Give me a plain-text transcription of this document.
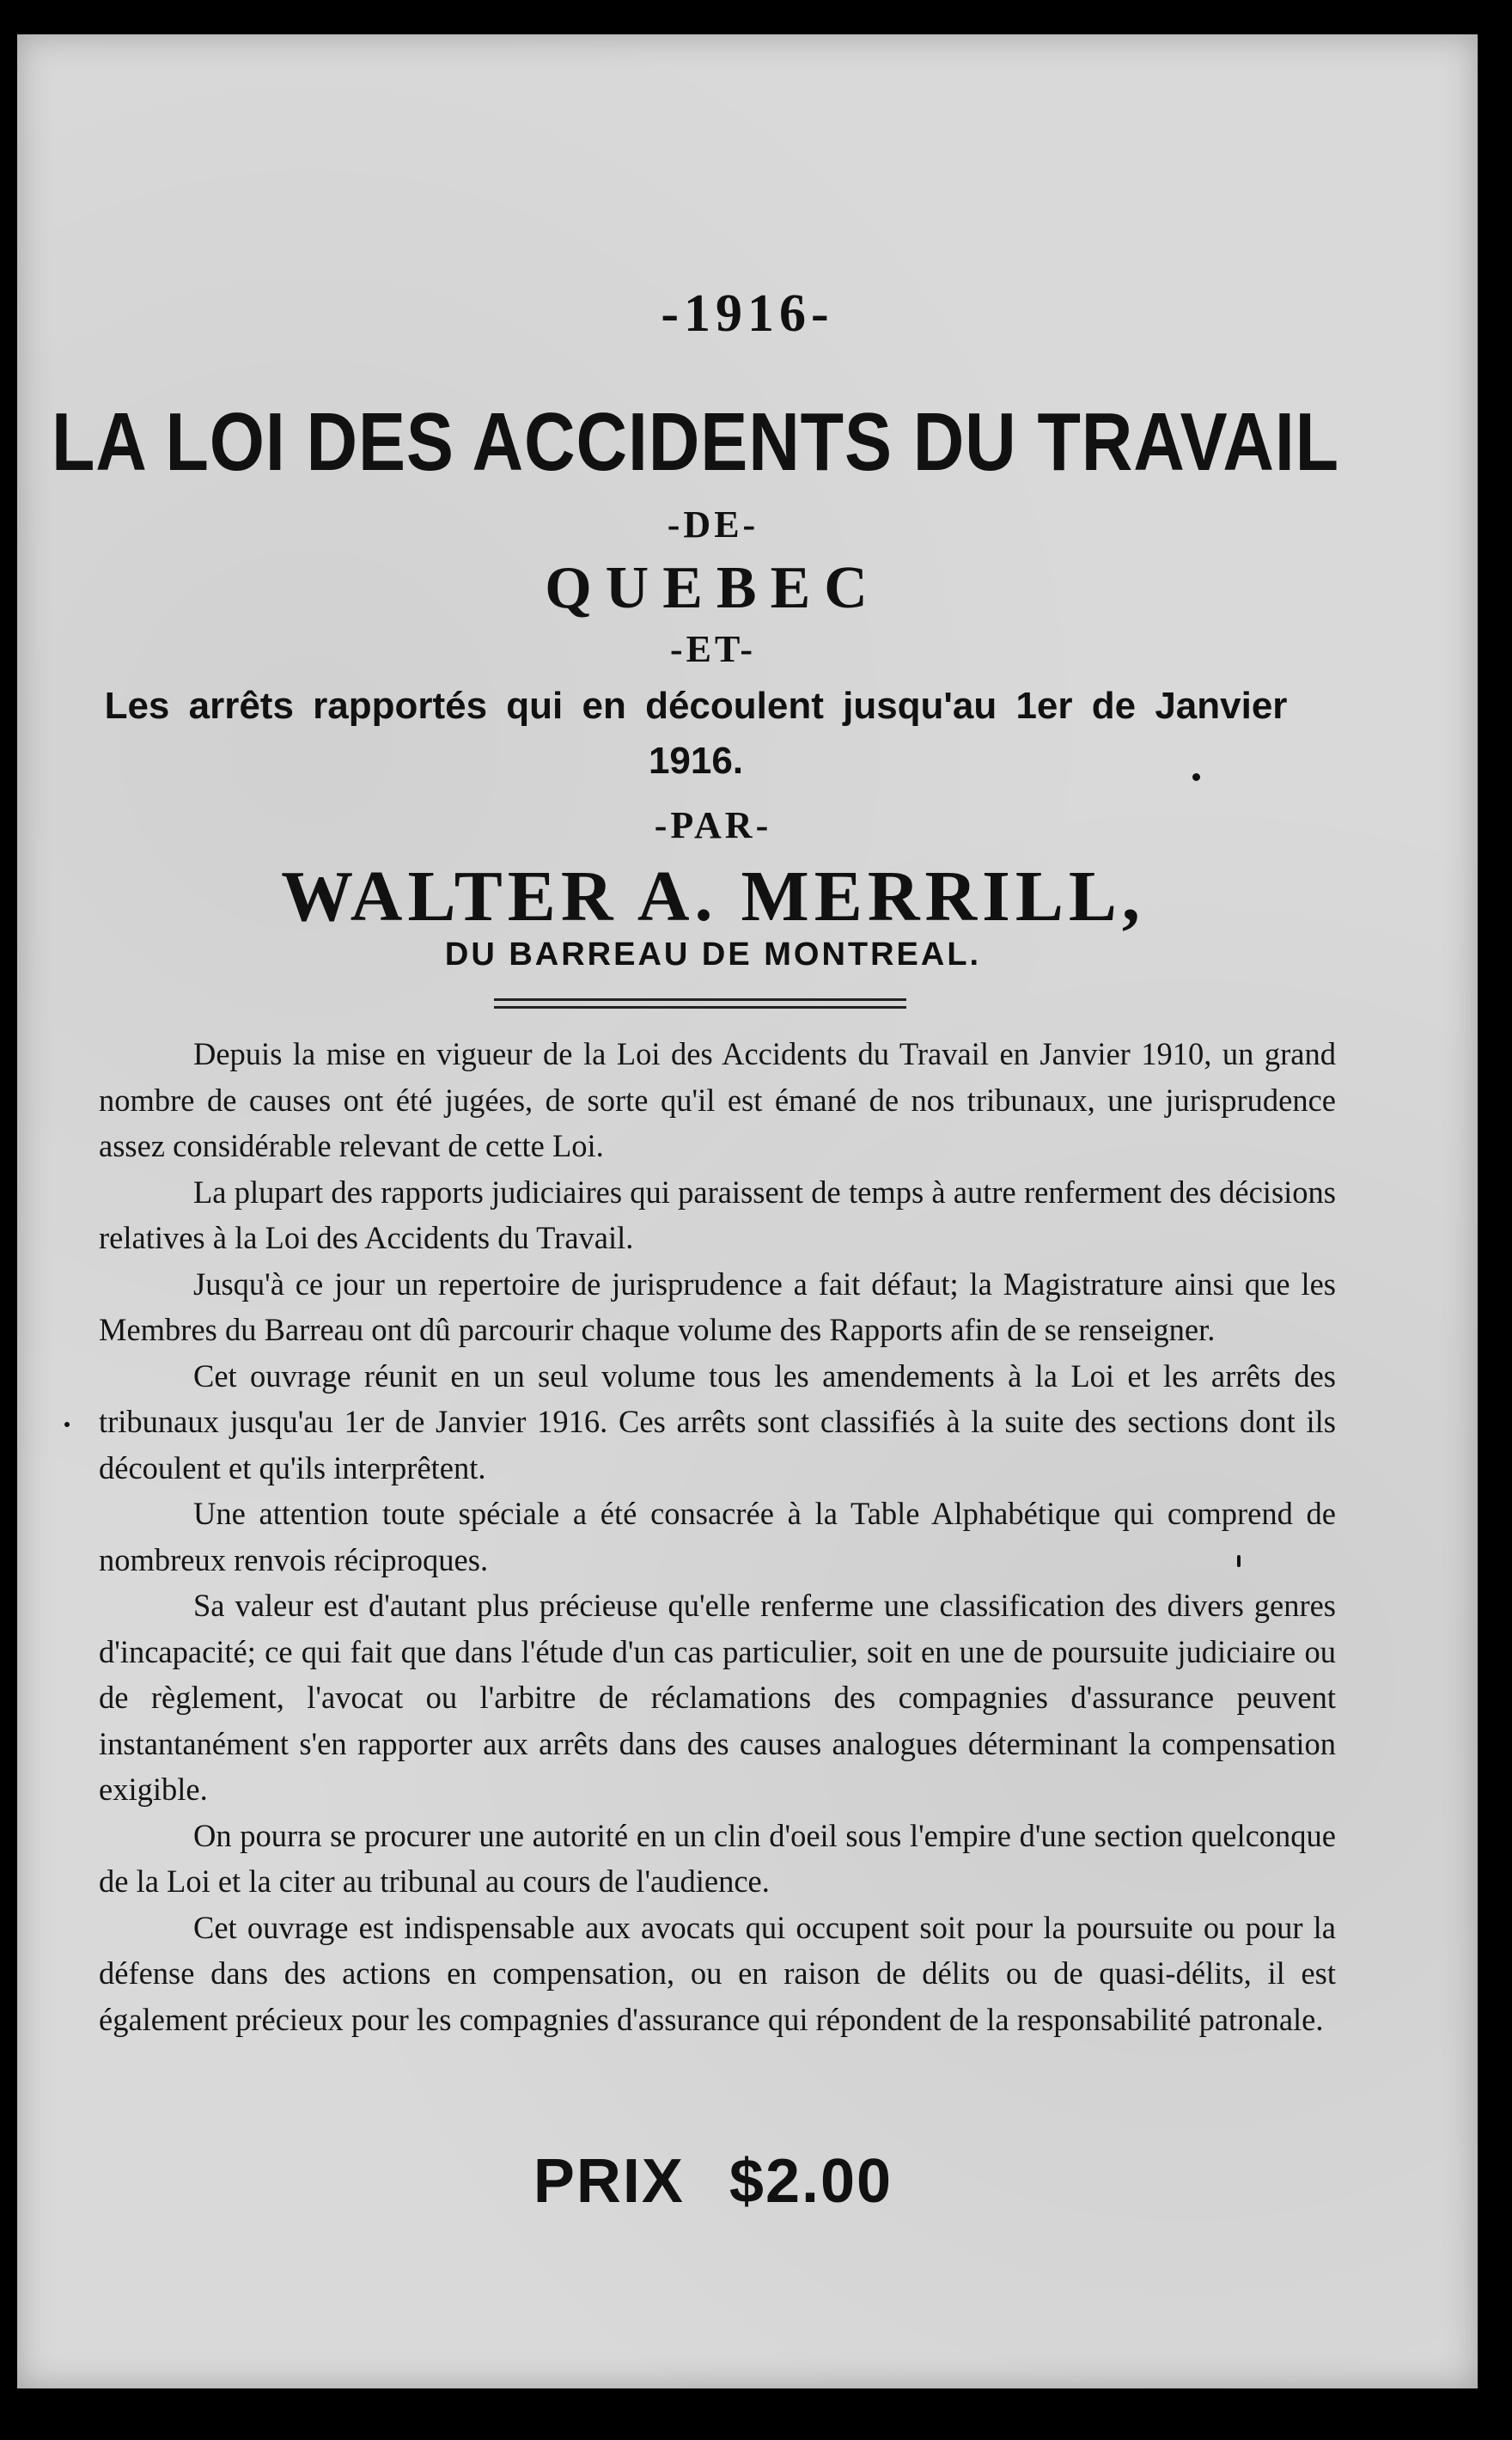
-1916-
LA LOI DES ACCIDENTS DU TRAVAIL
-DE-
QUEBEC
-ET-
Les arrêts rapportés qui en découlent jusqu'au 1er de Janvier 1916.
-PAR-
WALTER A. MERRILL,
DU BARREAU DE MONTREAL.

Depuis la mise en vigueur de la Loi des Accidents du Travail en Janvier 1910, un grand nombre de causes ont été jugées, de sorte qu'il est émané de nos tribunaux, une jurisprudence assez considérable relevant de cette Loi.

La plupart des rapports judiciaires qui paraissent de temps à autre renferment des décisions relatives à la Loi des Accidents du Travail.

Jusqu'à ce jour un repertoire de jurisprudence a fait défaut; la Magistrature ainsi que les Membres du Barreau ont dû parcourir chaque volume des Rapports afin de se renseigner.

Cet ouvrage réunit en un seul volume tous les amendements à la Loi et les arrêts des tribunaux jusqu'au 1er de Janvier 1916. Ces arrêts sont classifiés à la suite des sections dont ils découlent et qu'ils interprêtent.

Une attention toute spéciale a été consacrée à la Table Alphabétique qui comprend de nombreux renvois réciproques.

Sa valeur est d'autant plus précieuse qu'elle renferme une classification des divers genres d'incapacité; ce qui fait que dans l'étude d'un cas particulier, soit en une de poursuite judiciaire ou de règlement, l'avocat ou l'arbitre de réclamations des compagnies d'assurance peuvent instantanément s'en rapporter aux arrêts dans des causes analogues déterminant la compensation exigible.

On pourra se procurer une autorité en un clin d'oeil sous l'empire d'une section quelconque de la Loi et la citer au tribunal au cours de l'audience.

Cet ouvrage est indispensable aux avocats qui occupent soit pour la poursuite ou pour la défense dans des actions en compensation, ou en raison de délits ou de quasi-délits, il est également précieux pour les compagnies d'assurance qui répondent de la responsabilité patronale.

PRIX $2.00
